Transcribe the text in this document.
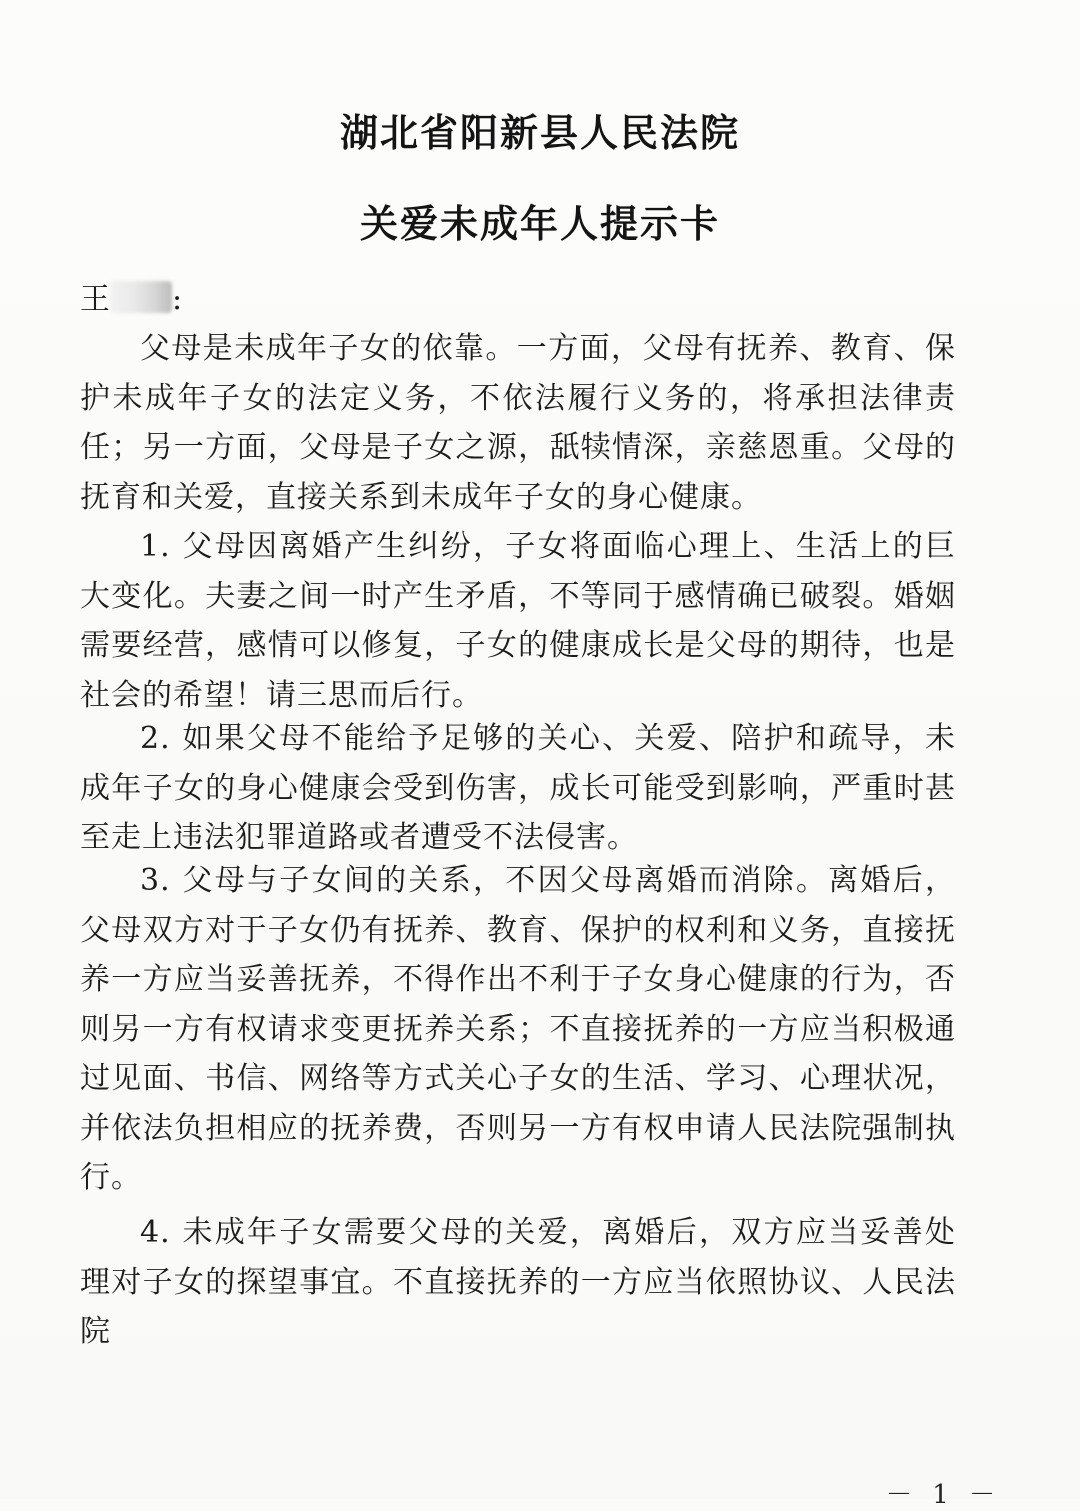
湖北省阳新县人民法院
关爱未成年人提示卡
王 :

父母是未成年子女的依靠。一方面，父母有抚养、教育、保护未成年子女的法定义务，不依法履行义务的，将承担法律责任；另一方面，父母是子女之源，舐犊情深，亲慈恩重。父母的抚育和关爱，直接关系到未成年子女的身心健康。

1. 父母因离婚产生纠纷，子女将面临心理上、生活上的巨大变化。夫妻之间一时产生矛盾，不等同于感情确已破裂。婚姻需要经营，感情可以修复，子女的健康成长是父母的期待，也是社会的希望！请三思而后行。

2. 如果父母不能给予足够的关心、关爱、陪护和疏导，未成年子女的身心健康会受到伤害，成长可能受到影响，严重时甚至走上违法犯罪道路或者遭受不法侵害。

3. 父母与子女间的关系，不因父母离婚而消除。离婚后，父母双方对于子女仍有抚养、教育、保护的权利和义务，直接抚养一方应当妥善抚养，不得作出不利于子女身心健康的行为，否则另一方有权请求变更抚养关系；不直接抚养的一方应当积极通过见面、书信、网络等方式关心子女的生活、学习、心理状况，并依法负担相应的抚养费，否则另一方有权申请人民法院强制执行。

4. 未成年子女需要父母的关爱，离婚后，双方应当妥善处理对子女的探望事宜。不直接抚养的一方应当依照协议、人民法院

－ 1 －
